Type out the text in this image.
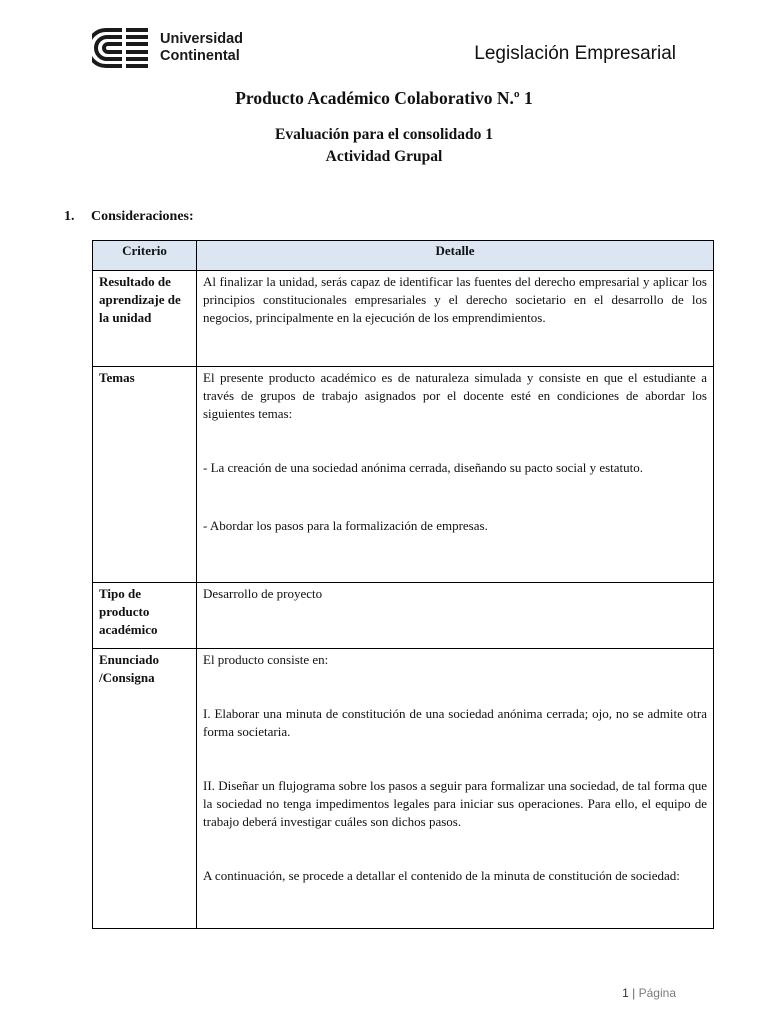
Universidad
Continental	Legislación Empresarial
Producto Académico Colaborativo N.º 1
Evaluación para el consolidado 1
Actividad Grupal
1. Consideraciones:
Criterio	Detalle
Resultado de aprendizaje de la unidad	Al finalizar la unidad, serás capaz de identificar las fuentes del derecho empresarial y aplicar los principios constitucionales empresariales y el derecho societario en el desarrollo de los negocios, principalmente en la ejecución de los emprendimientos.

Temas	El presente producto académico es de naturaleza simulada y consiste en que el estudiante a través de grupos de trabajo asignados por el docente esté en condiciones de abordar los siguientes temas:

- La creación de una sociedad anónima cerrada, diseñando su pacto social y estatuto.

- Abordar los pasos para la formalización de empresas.

Tipo de producto académico	Desarrollo de proyecto

Enunciado /Consigna	El producto consiste en:

I. Elaborar una minuta de constitución de una sociedad anónima cerrada; ojo, no se admite otra forma societaria.

II. Diseñar un flujograma sobre los pasos a seguir para formalizar una sociedad, de tal forma que la sociedad no tenga impedimentos legales para iniciar sus operaciones. Para ello, el equipo de trabajo deberá investigar cuáles son dichos pasos.

A continuación, se procede a detallar el contenido de la minuta de constitución de sociedad:

1 | Página
